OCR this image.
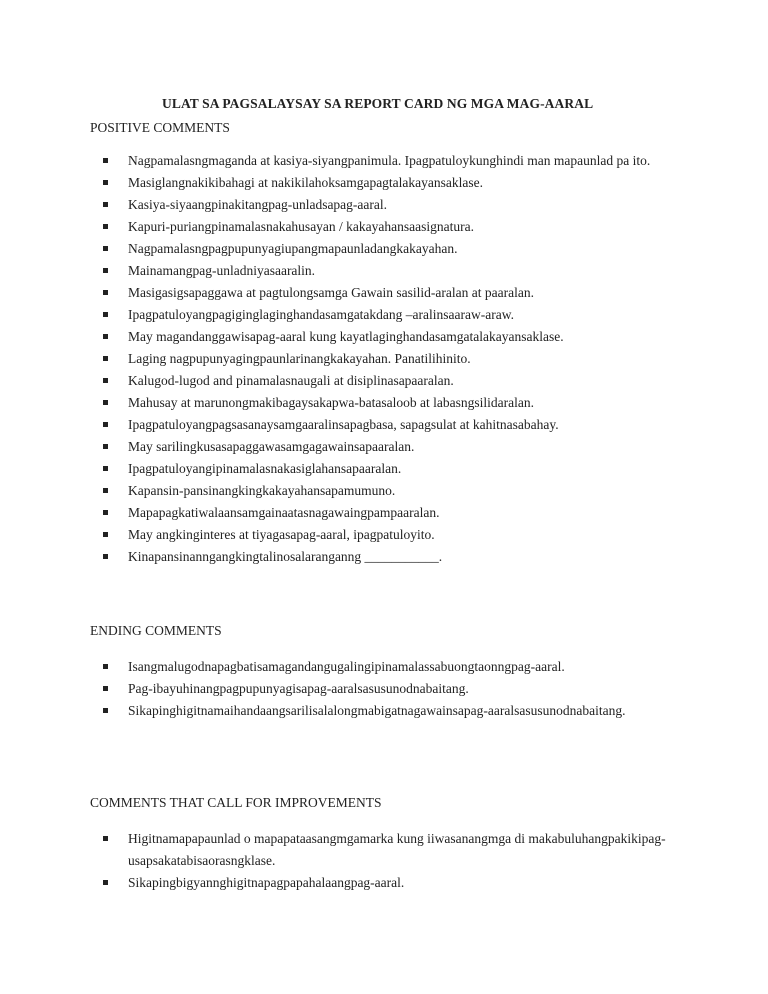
ULAT SA PAGSALAYSAY SA REPORT CARD NG MGA MAG-AARAL
POSITIVE COMMENTS
Nagpamalasngmaganda at kasiya-siyangpanimula. Ipagpatuloykunghindi man mapaunlad pa ito.
Masiglangnakikibahagi at nakikilahoksamgapagtalakayansaklase.
Kasiya-siyaangpinakitangpag-unladsapag-aaral.
Kapuri-puriangpinamalasnakahusayan / kakayahansaasignatura.
Nagpamalasngpagpupunyagiupangmapaunladangkakayahan.
Mainamangpag-unladniyasaaralin.
Masigasigsapaggawa at pagtulongsamga Gawain sasilid-aralan at paaralan.
Ipagpatuloyangpagiginglaginghandasamgatakdang –aralinsaaraw-araw.
May magandanggawisapag-aaral kung kayatlaginghandasamgatalakayansaklase.
Laging nagpupunyagingpaunlarinangkakayahan. Panatilihinito.
Kalugod-lugod and pinamalasnaugali at disiplinasapaaralan.
Mahusay at marunongmakibagaysakapwa-batasaloob at labasngsilidaralan.
Ipagpatuloyangpagsasanaysamgaaralinsapagbasa, sapagsulat at kahitnasabahay.
May sarilingkusasapaggawasamgagawainsapaaralan.
Ipagpatuloyangipinamalasnakasiglahansapaaralan.
Kapansin-pansinangkingkakayahansapamumuno.
Mapapagkatiwalaansamgainaatasnagawaingpampaaralan.
May angkinginteres at tiyagasapag-aaral, ipagpatuloyito.
Kinapansinanngangkingtalinosalaranganng ___________.
ENDING COMMENTS
Isangmalugodnapagbatisamagandangugalingipinamalassabuongtaonngpag-aaral.
Pag-ibayuhinangpagpupunyagisapag-aaralsasusunodnabaitang.
Sikapinghigitnamaihandaangsarilisalalongmabigatnagawainsapag-aaralsasusunodnabaitang.
COMMENTS THAT CALL FOR IMPROVEMENTS
Higitnamapapaunlad o mapapataasangmgamarka kung iiwasanangmga di makabuluhangpakikipag-usapsakatabisaorasngklase.
Sikapingbigyannghigitnapagpapahalaangpag-aaral.
